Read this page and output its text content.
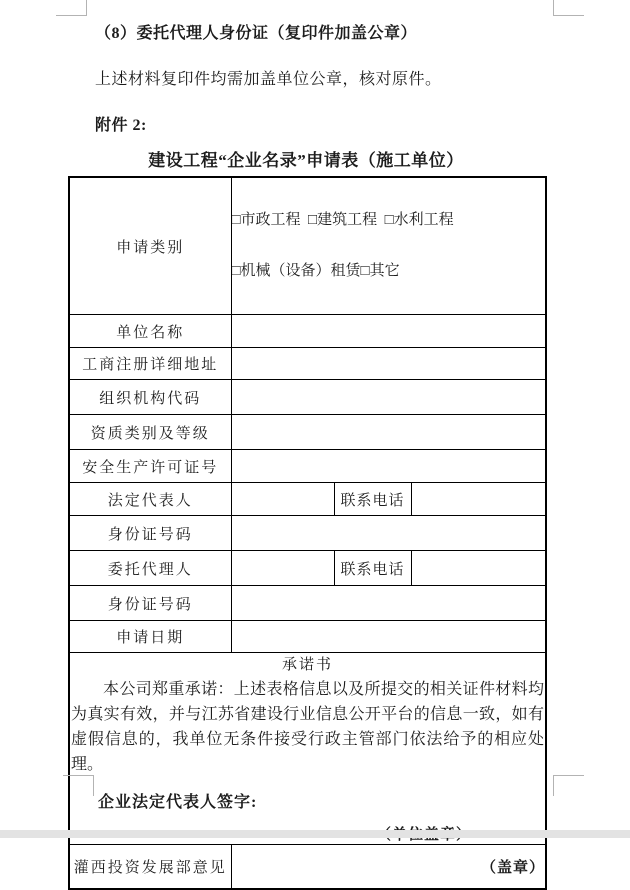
（8）委托代理人身份证（复印件加盖公章）
上述材料复印件均需加盖单位公章，核对原件。
附件 2:
建设工程“企业名录”申请表（施工单位）
申请类别	□市政工程  □建筑工程  □水利工程

□机械（设备）租赁□其它		

单位名称			
工商注册详细地址			
组织机构代码			
资质类别及等级			
安全生产许可证号			
法定代表人		联系电话	
身份证号码			
委托代理人		联系电话	
身份证号码			
申请日期			

承诺书
本公司郑重承诺：上述表格信息以及所提交的相关证件材料均为真实有效，并与江苏省建设行业信息公开平台的信息一致，如有虚假信息的，我单位无条件接受行政主管部门依法给予的相应处理。
企业法定代表人签字:			

灌西投资发展部意见	（盖章）		
